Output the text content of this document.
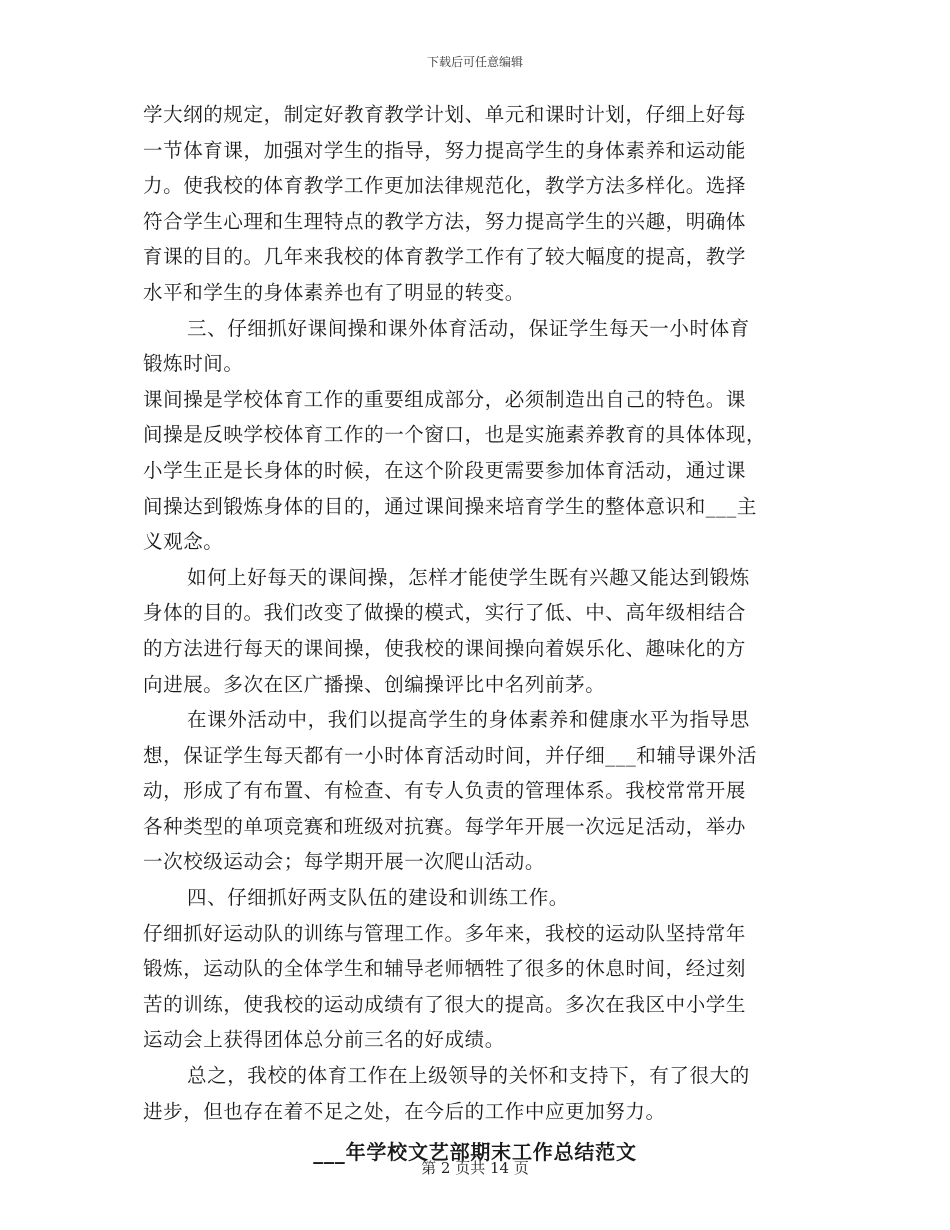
下载后可任意编辑
学大纲的规定，制定好教育教学计划、单元和课时计划，仔细上好每
一节体育课，加强对学生的指导，努力提高学生的身体素养和运动能
力。使我校的体育教学工作更加法律规范化，教学方法多样化。选择
符合学生心理和生理特点的教学方法，努力提高学生的兴趣，明确体
育课的目的。几年来我校的体育教学工作有了较大幅度的提高，教学
水平和学生的身体素养也有了明显的转变。
三、仔细抓好课间操和课外体育活动，保证学生每天一小时体育
锻炼时间。
课间操是学校体育工作的重要组成部分，必须制造出自己的特色。课
间操是反映学校体育工作的一个窗口，也是实施素养教育的具体体现，
小学生正是长身体的时候，在这个阶段更需要参加体育活动，通过课
间操达到锻炼身体的目的，通过课间操来培育学生的整体意识和___主
义观念。
如何上好每天的课间操，怎样才能使学生既有兴趣又能达到锻炼
身体的目的。我们改变了做操的模式，实行了低、中、高年级相结合
的方法进行每天的课间操，使我校的课间操向着娱乐化、趣味化的方
向进展。多次在区广播操、创编操评比中名列前茅。
在课外活动中，我们以提高学生的身体素养和健康水平为指导思
想，保证学生每天都有一小时体育活动时间，并仔细___和辅导课外活
动，形成了有布置、有检查、有专人负责的管理体系。我校常常开展
各种类型的单项竞赛和班级对抗赛。每学年开展一次远足活动，举办
一次校级运动会；每学期开展一次爬山活动。
四、仔细抓好两支队伍的建设和训练工作。
仔细抓好运动队的训练与管理工作。多年来，我校的运动队坚持常年
锻炼，运动队的全体学生和辅导老师牺牲了很多的休息时间，经过刻
苦的训练，使我校的运动成绩有了很大的提高。多次在我区中小学生
运动会上获得团体总分前三名的好成绩。
总之，我校的体育工作在上级领导的关怀和支持下，有了很大的
进步，但也存在着不足之处，在今后的工作中应更加努力。
___年学校文艺部期末工作总结范文
第 2 页共 14 页
